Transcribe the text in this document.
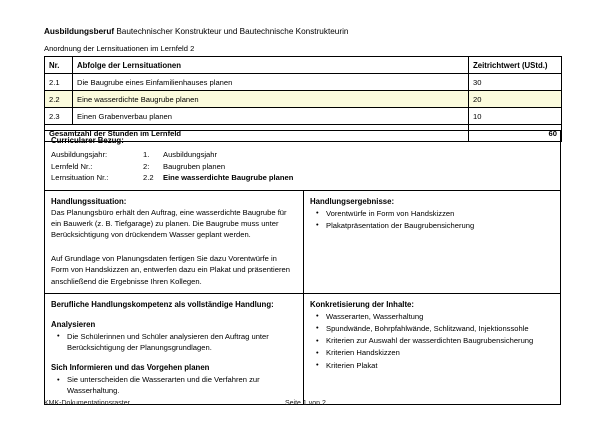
Ausbildungsberuf Bautechnischer Konstrukteur und Bautechnische Konstrukteurin
Anordnung der Lernsituationen im Lernfeld 2
Nr.	Abfolge der Lernsituationen	Zeitrichtwert (UStd.)
2.1	Die Baugrube eines Einfamilienhauses planen	30
2.2	Eine wasserdichte Baugrube planen	20
2.3	Einen Grabenverbau planen	10
Gesamtzahl der Stunden im Lernfeld		60
Curricularer Bezug:
Ausbildungsjahr:	1.	Ausbildungsjahr
Lernfeld Nr.:	2:	Baugruben planen
Lernsituation Nr.:	2.2	Eine wasserdichte Baugrube planen
Handlungssituation:

Das Planungsbüro erhält den Auftrag, eine wasserdichte Baugrube für ein Bauwerk (z. B. Tiefgarage) zu planen. Die Baugrube muss unter Berücksichtigung von drückendem Wasser geplant werden.

Auf Grundlage von Planungsdaten fertigen Sie dazu Vorentwürfe in Form von Handskizzen an, entwerfen dazu ein Plakat und präsentieren anschließend die Ergebnisse Ihren Kollegen.

Handlungsergebnisse:
• Vorentwürfe in Form von Handskizzen
• Plakatpräsentation der Baugrubensicherung
Berufliche Handlungskompetenz als vollständige Handlung:
Analysieren
• Die Schülerinnen und Schüler analysieren den Auftrag unter Berücksichtigung der Planungsgrundlagen.
Sich Informieren und das Vorgehen planen
• Sie unterscheiden die Wasserarten und die Verfahren zur Wasserhaltung.
Konkretisierung der Inhalte:
• Wasserarten, Wasserhaltung
• Spundwände, Bohrpfahlwände, Schlitzwand, Injektionssohle
• Kriterien zur Auswahl der wasserdichten Baugrubensicherung
• Kriterien Handskizzen
• Kriterien Plakat
KMK-Dokumentationsraster	Seite 1 von 2
